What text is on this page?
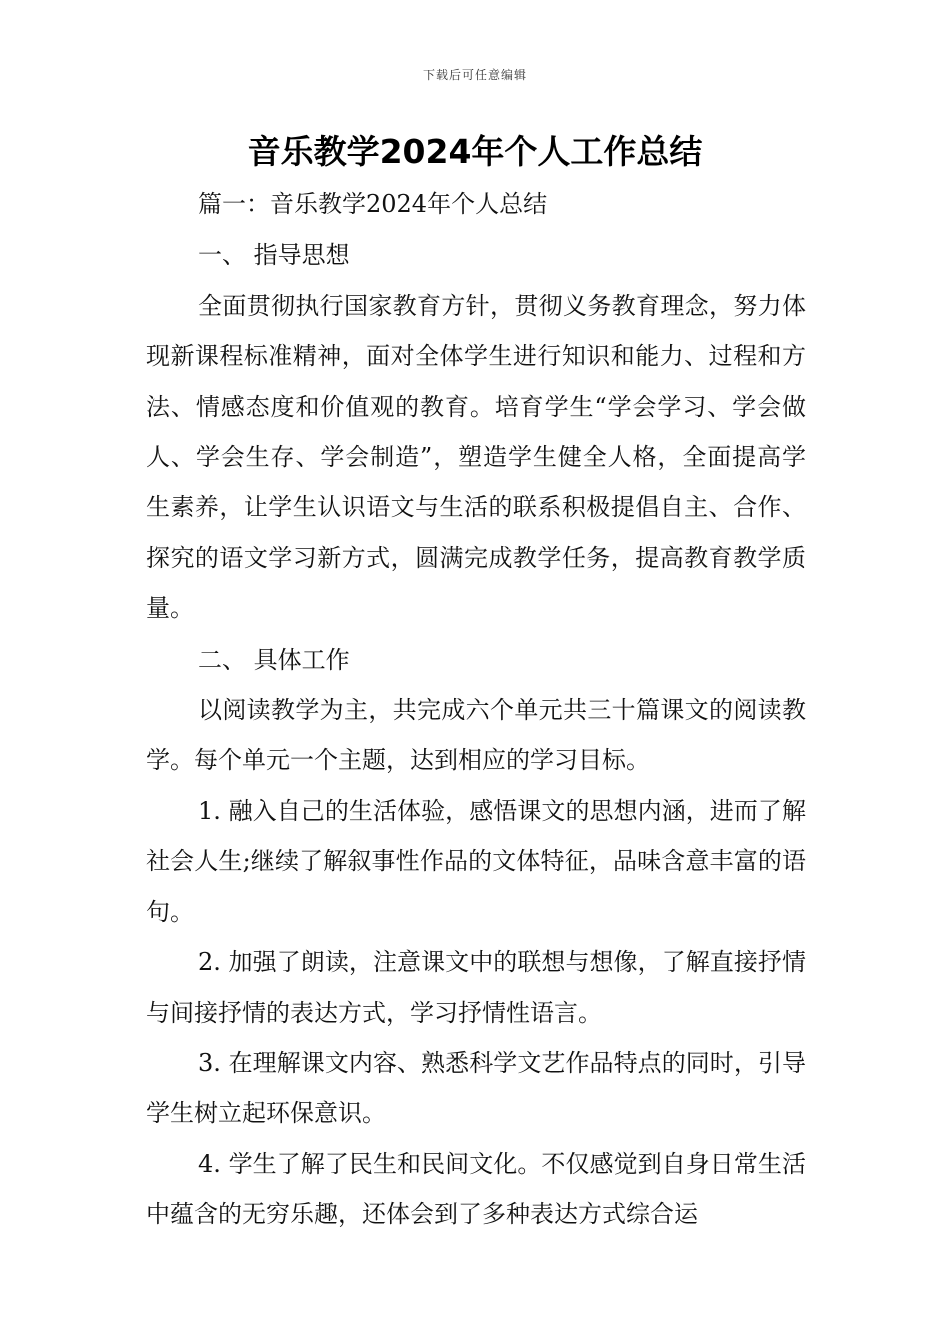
下载后可任意编辑
音乐教学2024年个人工作总结

篇一：音乐教学2024年个人总结

一、 指导思想

全面贯彻执行国家教育方针，贯彻义务教育理念，努力体现新课程标准精神，面对全体学生进行知识和能力、过程和方法、情感态度和价值观的教育。培育学生“学会学习、学会做人、学会生存、学会制造”，塑造学生健全人格，全面提高学生素养，让学生认识语文与生活的联系积极提倡自主、合作、探究的语文学习新方式，圆满完成教学任务，提高教育教学质量。

二、 具体工作

以阅读教学为主，共完成六个单元共三十篇课文的阅读教学。每个单元一个主题，达到相应的学习目标。

1. 融入自己的生活体验，感悟课文的思想内涵，进而了解社会人生;继续了解叙事性作品的文体特征，品味含意丰富的语句。

2. 加强了朗读，注意课文中的联想与想像，了解直接抒情与间接抒情的表达方式，学习抒情性语言。

3. 在理解课文内容、熟悉科学文艺作品特点的同时，引导学生树立起环保意识。

4. 学生了解了民生和民间文化。不仅感觉到自身日常生活中蕴含的无穷乐趣，还体会到了多种表达方式综合运
